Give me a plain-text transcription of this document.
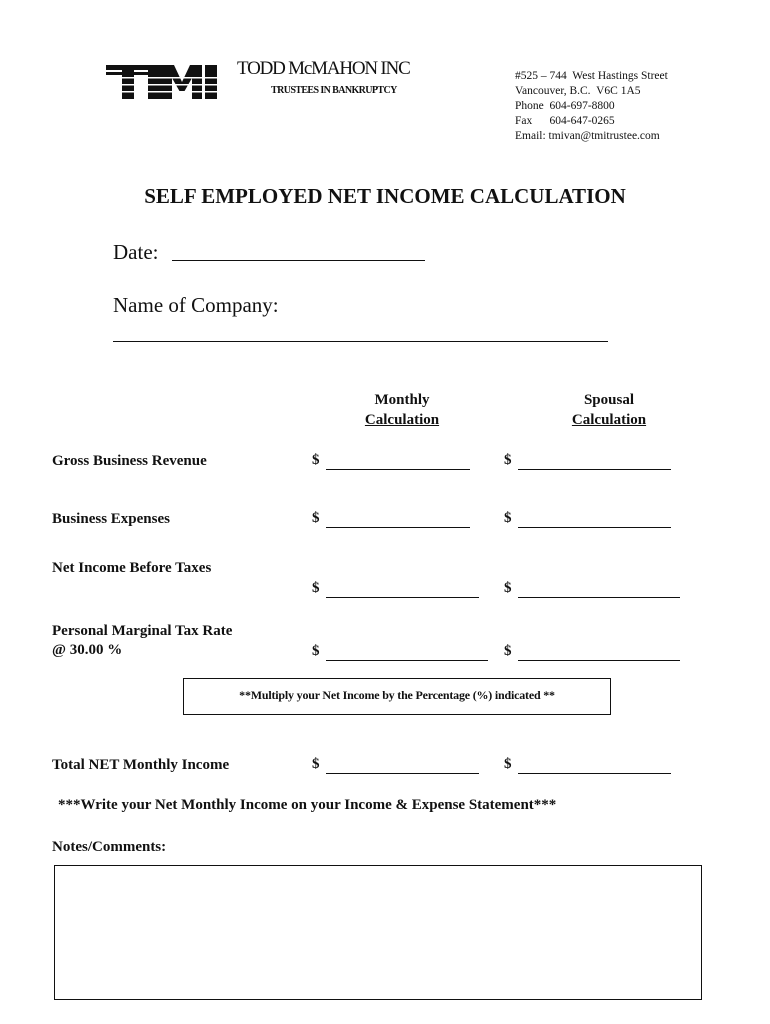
TODD McMAHON INC
TRUSTEES IN BANKRUPTCY
#525 – 744  West Hastings Street
Vancouver, B.C.  V6C 1A5
Phone  604-697-8800
Fax      604-647-0265
Email: tmivan@tmitrustee.com
SELF EMPLOYED NET INCOME CALCULATION
Date:
Name of Company:
Monthly
Calculation
Spousal
Calculation
Gross Business Revenue	$	$
Business Expenses	$	$
Net Income Before Taxes
$	$
Personal Marginal Tax Rate
@ 30.00 %	$	$
**Multiply your Net Income by the Percentage (%) indicated **
Total NET Monthly Income	$	$
***Write your Net Monthly Income on your Income & Expense Statement***
Notes/Comments:
